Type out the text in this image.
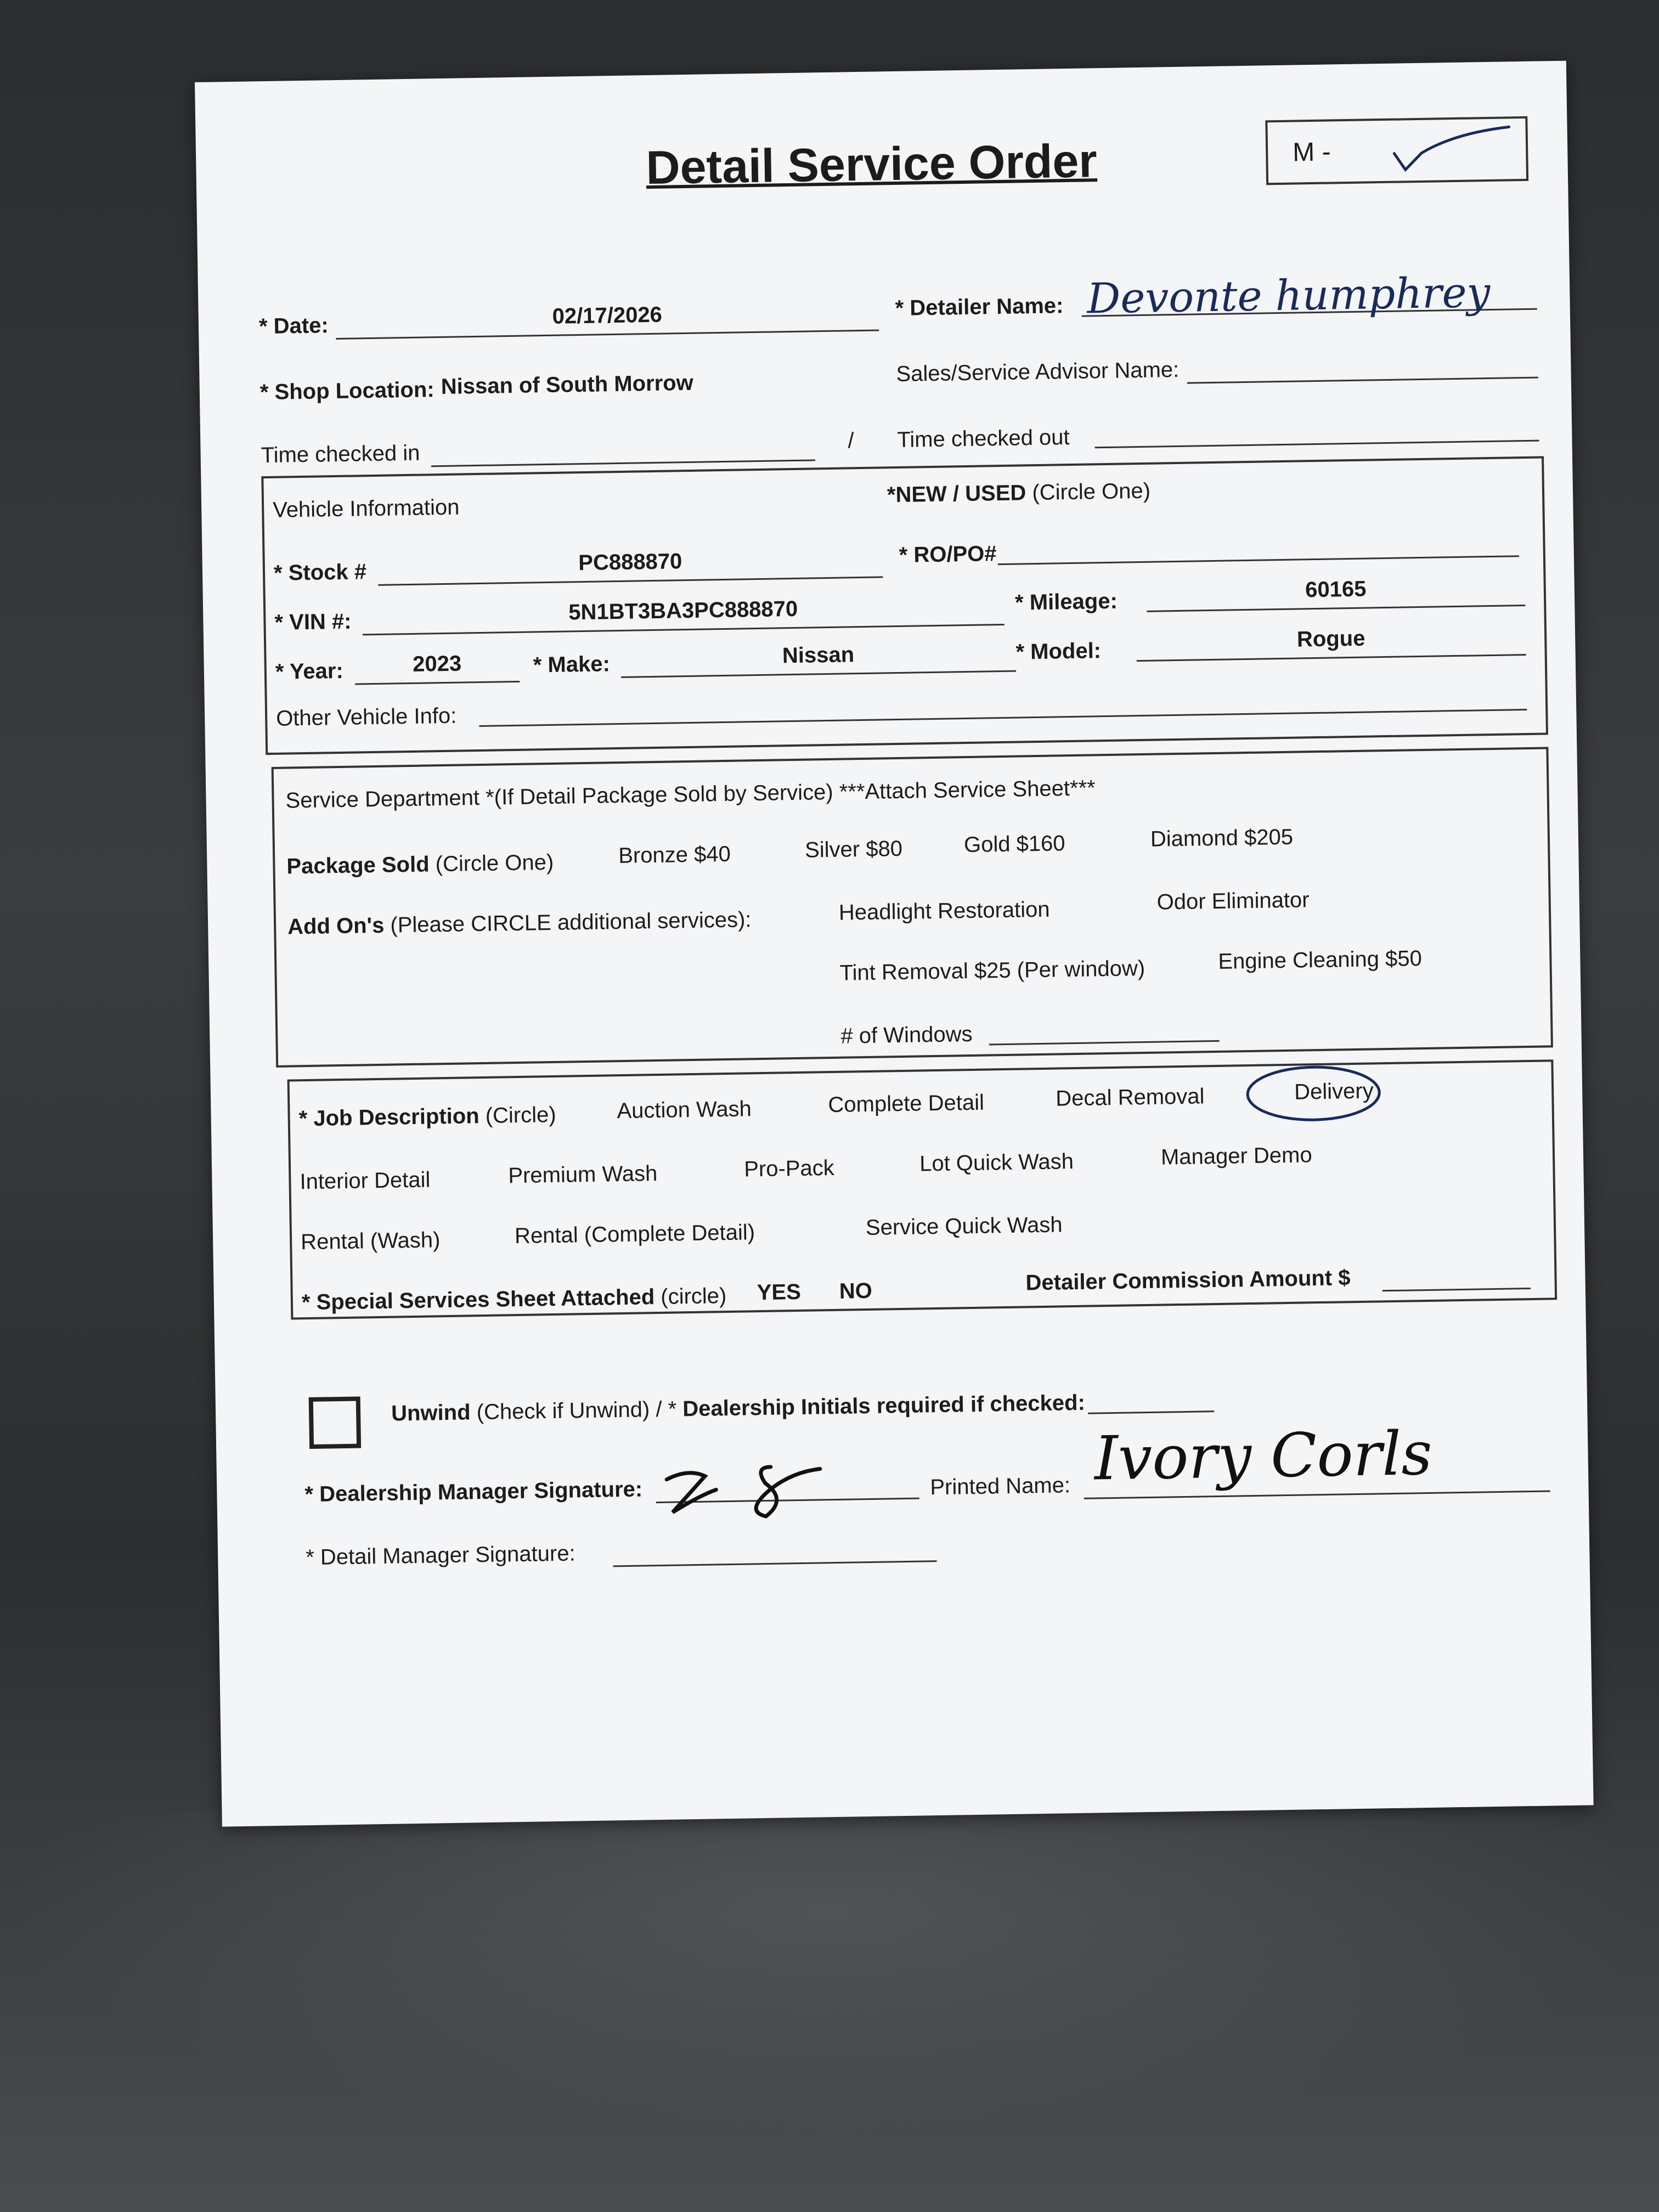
Detail Service Order	M -
* Date:	02/17/2026	* Detailer Name: Devonte humphrey
* Shop Location: Nissan of South Morrow	Sales/Service Advisor Name:
Time checked in
/ Time checked out
Vehicle Information
*NEW / USED (Circle One)
* Stock #	PC888870	* RO/PO#
* VIN #:	5N1BT3BA3PC888870	* Mileage:	60165
* Year:	2023	* Make:	Nissan	* Model:	Rogue
Other Vehicle Info:
Service Department *(If Detail Package Sold by Service) ***Attach Service Sheet***
Package Sold (Circle One)	Bronze $40	Silver $80	Gold $160	Diamond $205
Add On's (Please CIRCLE additional services):	Headlight Restoration	Odor Eliminator
Tint Removal $25 (Per window)	Engine Cleaning $50
# of Windows
* Job Description (Circle)	Auction Wash	Complete Detail	Decal Removal	Delivery
Interior Detail	Premium Wash	Pro-Pack	Lot Quick Wash	Manager Demo
Rental (Wash)	Rental (Complete Detail)	Service Quick Wash
* Special Services Sheet Attached (circle) YES NO	Detailer Commission Amount $
Unwind (Check if Unwind) / * Dealership Initials required if checked:
* Dealership Manager Signature:	Printed Name: Ivory Corls
* Detail Manager Signature:
